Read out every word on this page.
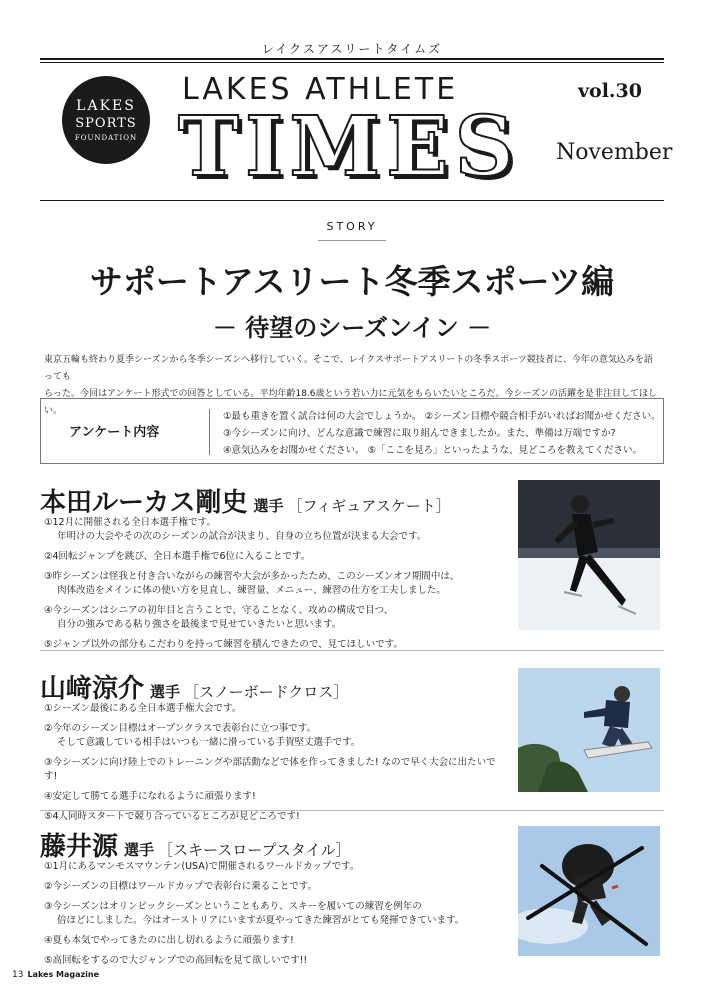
レイクスアスリートタイムズ
LAKES
SPORTS
FOUNDATION
LAKES ATHLETE
TIMES
vol.30
November
STORY
サポートアスリート冬季スポーツ編
－ 待望のシーズンイン －
東京五輪も終わり夏季シーズンから冬季シーズンへ移行していく。そこで、レイクスサポートアスリートの冬季スポーツ競技者に、今年の意気込みを語っても
らった。今回はアンケート形式での回答としている。平均年齢18.6歳という若い力に元気をもらいたいところだ。今シーズンの活躍を是非注目してほしい。
アンケート内容
①最も重きを置く試合は何の大会でしょうか。 ②シーズン目標や競合相手がいればお聞かせください。
③今シーズンに向け、どんな意識で練習に取り組んできましたか。また、準備は万端ですか?
④意気込みをお聞かせください。 ⑤「ここを見ろ」といったような、見どころを教えてください。
本田ルーカス剛史 選手 ［フィギュアスケート］
①12月に開催される全日本選手権です。
年明けの大会やその次のシーズンの試合が決まり、自身の立ち位置が決まる大会です。
②4回転ジャンプを跳び、全日本選手権で6位に入ることです。
③昨シーズンは怪我と付き合いながらの練習や大会が多かったため、このシーズンオフ期間中は、
肉体改造をメインに体の使い方を見直し、練習量、メニュー、練習の仕方を工夫しました。
④今シーズンはシニアの初年目と言うことで、守ることなく、攻めの構成で目つ、
自分の強みである粘り強さを最後まで見せていきたいと思います。
⑤ジャンプ以外の部分もこだわりを持って練習を積んできたので、見てほしいです。
山﨑涼介 選手 ［スノーボードクロス］
①シーズン最後にある全日本選手権大会です。
②今年のシーズン目標はオープンクラスで表彰台に立つ事です。
そして意識している相手はいつも一緒に滑っている手賀堅丈選手です。
③今シーズンに向け陸上でのトレーニングや部活動などで体を作ってきました! なので早く大会に出たいです!
④安定して勝てる選手になれるように頑張ります!
⑤4人同時スタートで競り合っているところが見どころです!
藤井源 選手 ［スキースロープスタイル］
①1月にあるマンモスマウンテン(USA)で開催されるワールドカップです。
②今シーズンの目標はワールドカップで表彰台に乗ることです。
③今シーズンはオリンピックシーズンということもあり、スキーを履いての練習を例年の
倍ほどにしました。今はオーストリアにいますが夏やってきた練習がとても発揮できています。
④夏も本気でやってきたのに出し切れるように頑張ります!
⑤高回転をするので大ジャンプでの高回転を見て欲しいです!!
13 Lakes Magazine
